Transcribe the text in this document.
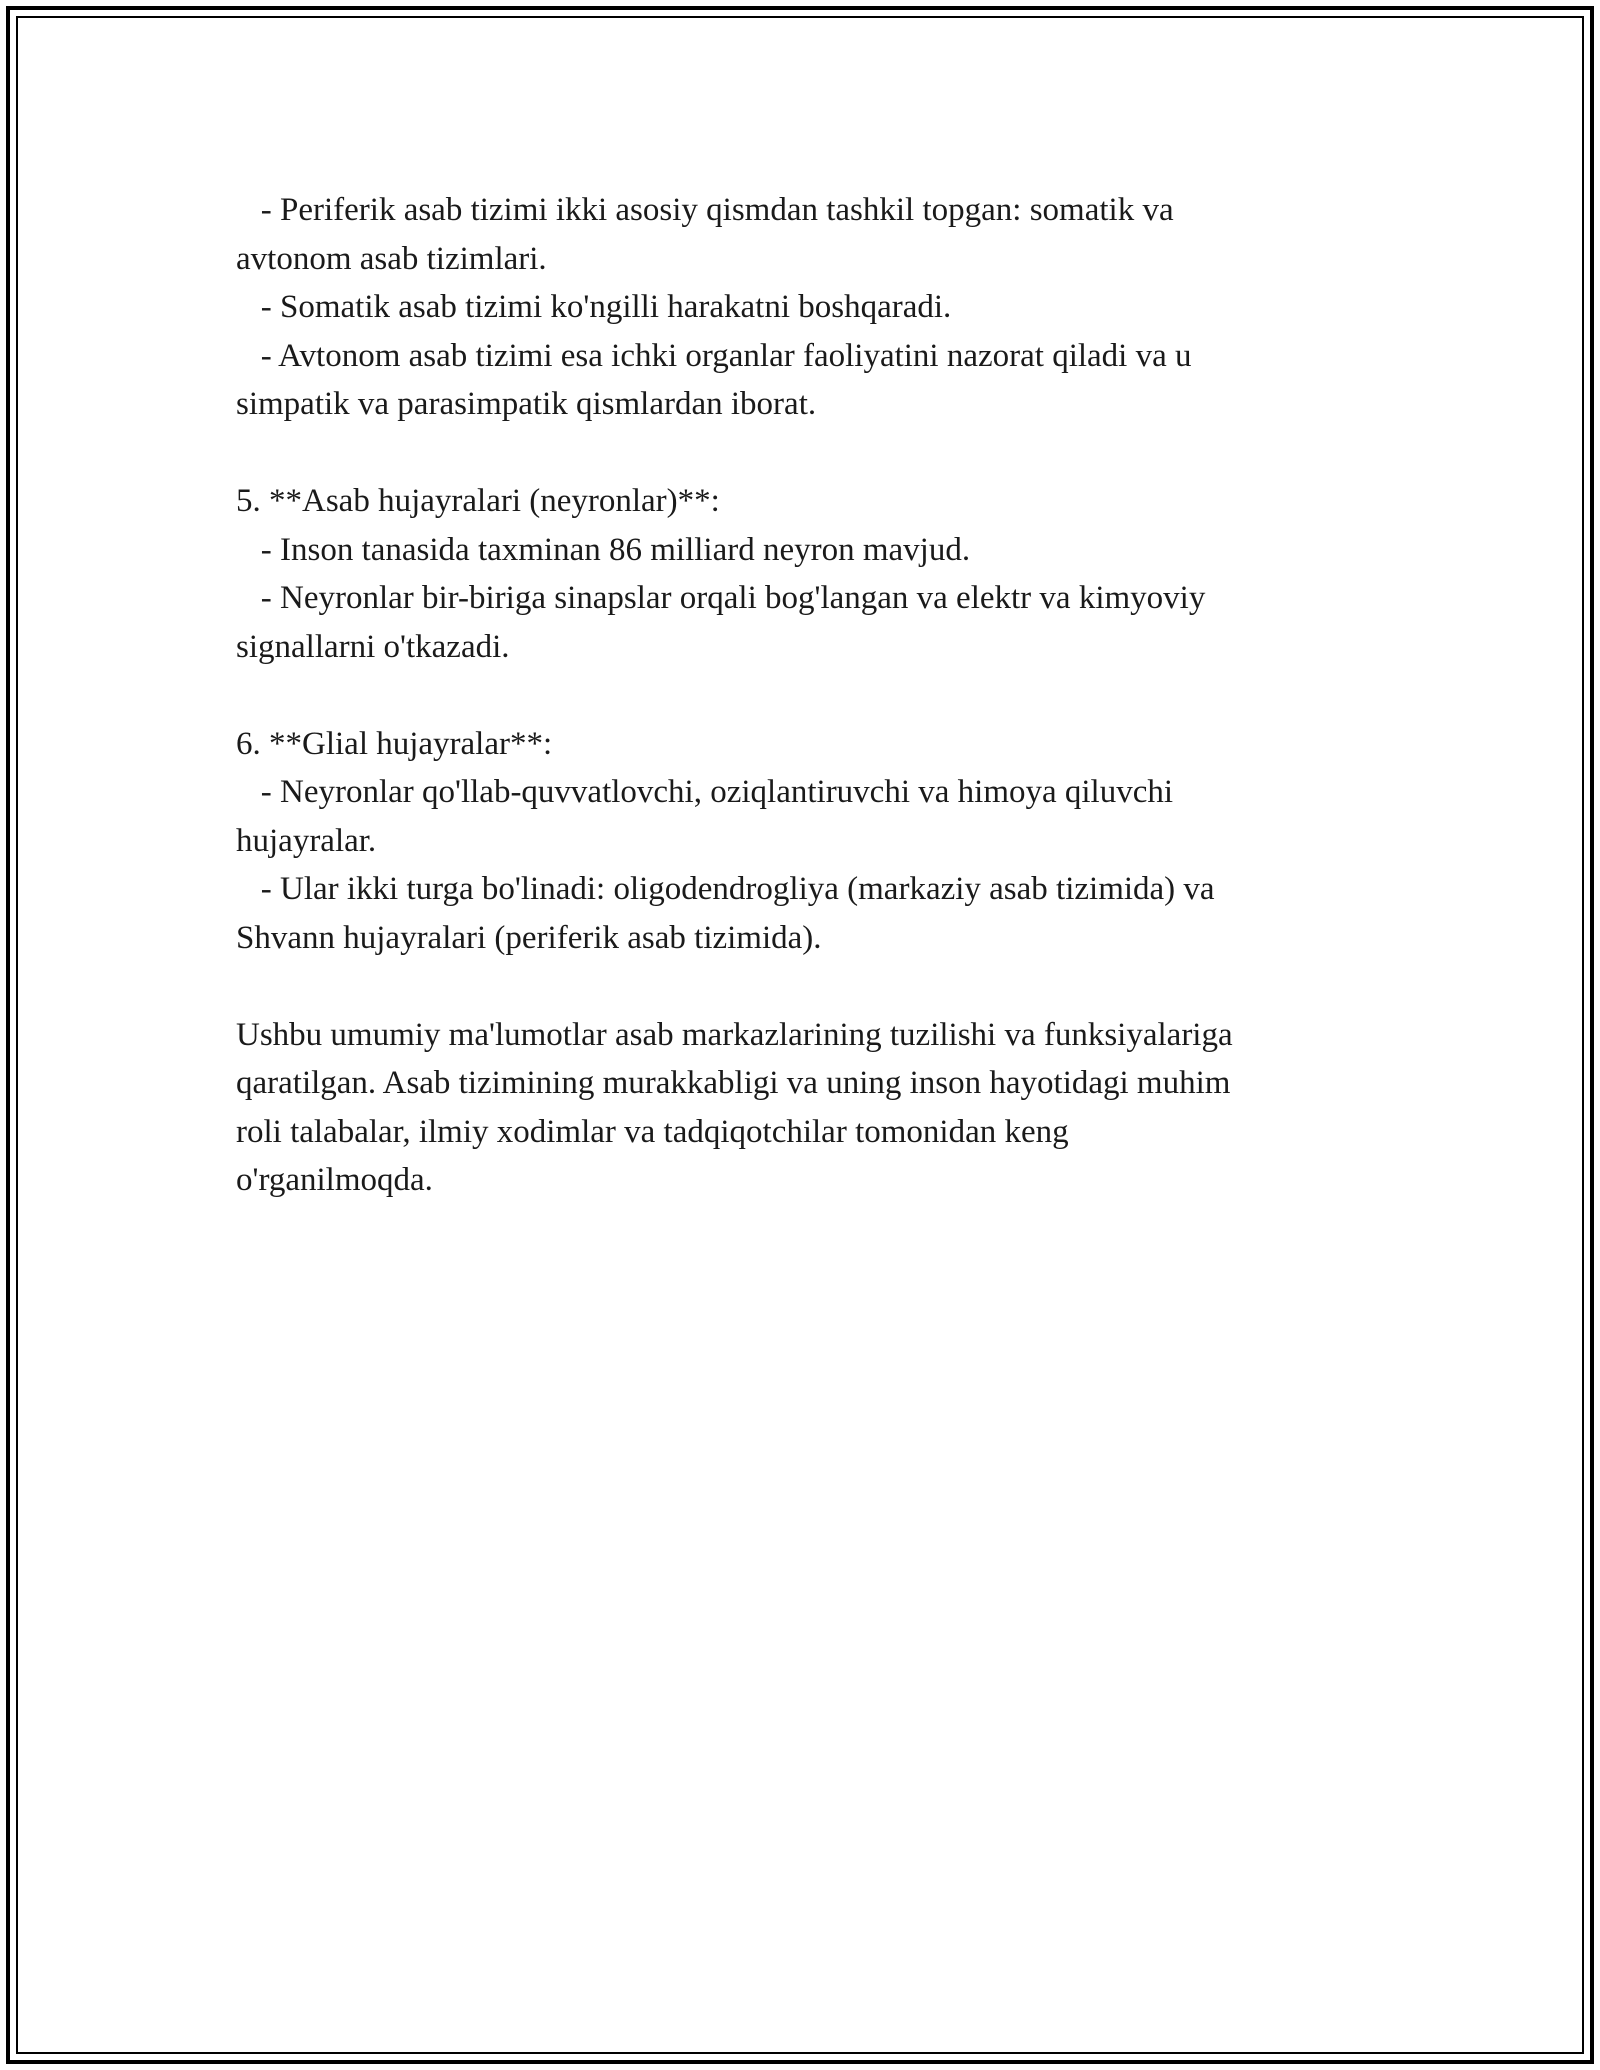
- Periferik asab tizimi ikki asosiy qismdan tashkil topgan: somatik va
avtonom asab tizimlari.
- Somatik asab tizimi ko'ngilli harakatni boshqaradi.
- Avtonom asab tizimi esa ichki organlar faoliyatini nazorat qiladi va u
simpatik va parasimpatik qismlardan iborat.
5. **Asab hujayralari (neyronlar)**:
- Inson tanasida taxminan 86 milliard neyron mavjud.
- Neyronlar bir-biriga sinapslar orqali bog'langan va elektr va kimyoviy
signallarni o'tkazadi.
6. **Glial hujayralar**:
- Neyronlar qo'llab-quvvatlovchi, oziqlantiruvchi va himoya qiluvchi
hujayralar.
- Ular ikki turga bo'linadi: oligodendrogliya (markaziy asab tizimida) va
Shvann hujayralari (periferik asab tizimida).
Ushbu umumiy ma'lumotlar asab markazlarining tuzilishi va funksiyalariga
qaratilgan. Asab tizimining murakkabligi va uning inson hayotidagi muhim
roli talabalar, ilmiy xodimlar va tadqiqotchilar tomonidan keng
o'rganilmoqda.
